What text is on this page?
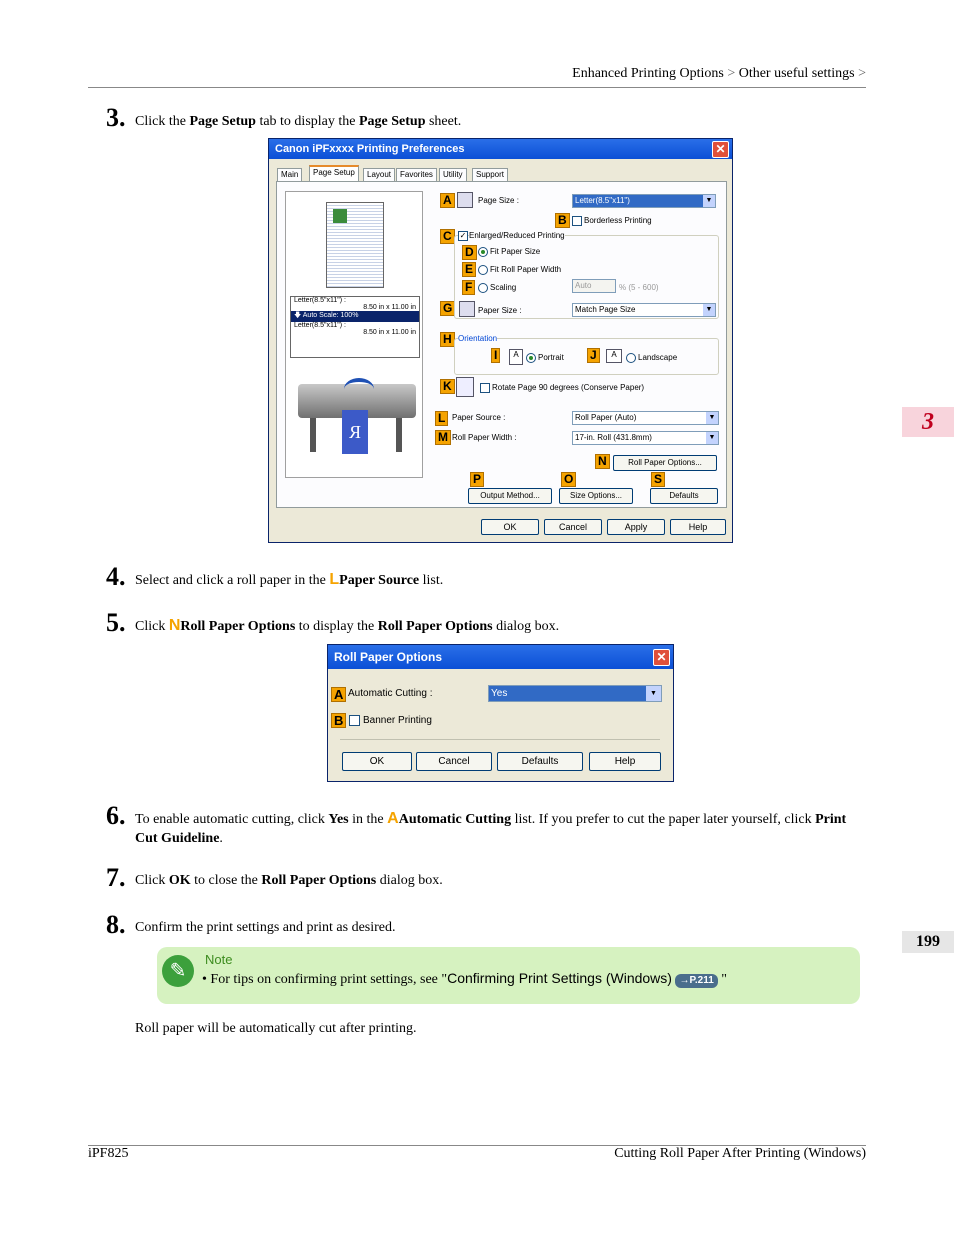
Enhanced Printing Options > Other useful settings >
3
199
3. Click the Page Setup tab to display the Page Setup sheet.
Canon iPFxxxx Printing Preferences	✕
Main	Page Setup	Layout	Favorites	Utility	Support
Letter(8.5"x11") :
8.50 in x 11.00 in
🡇 Auto Scale: 100%
Letter(8.5"x11") :
8.50 in x 11.00 in
R
A
B
C
D
E
F
G
H
I	J
K
L
M
N
P	O	S
Page Size :	Letter(8.5"x11")	▼
Borderless Printing
✓ Enlarged/Reduced Printing
Fit Paper Size
Fit Roll Paper Width
Scaling	Auto	% (5 - 600)
Paper Size :	Match Page Size	▼
Orientation
A	Portrait	A	Landscape
Rotate Page 90 degrees (Conserve Paper)
Paper Source :	Roll Paper (Auto)	▼
Roll Paper Width :	17-in. Roll (431.8mm)	▼
Roll Paper Options...
Output Method...	Size Options...	Defaults
OK	Cancel	Apply	Help
4. Select and click a roll paper in the LPaper Source list.
5. Click NRoll Paper Options to display the Roll Paper Options dialog box.
Roll Paper Options	✕
A Automatic Cutting :	Yes	▼
B	Banner Printing
OK	Cancel	Defaults	Help
6. To enable automatic cutting, click Yes in the AAutomatic Cutting list. If you prefer to cut the paper later yourself, click Print Cut Guideline.
7. Click OK to close the Roll Paper Options dialog box.
8. Confirm the print settings and print as desired.
✎
Note
• For tips on confirming print settings, see "Confirming Print Settings (Windows) →P.211 "
Roll paper will be automatically cut after printing.
iPF825	Cutting Roll Paper After Printing (Windows)
